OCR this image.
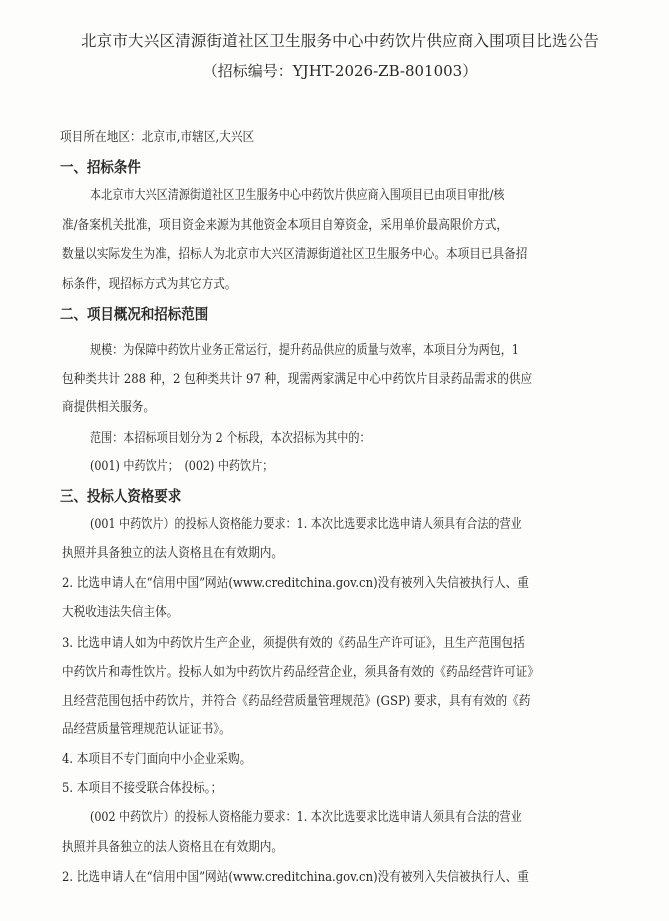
北京市大兴区清源街道社区卫生服务中心中药饮片供应商入围项目比选公告
（招标编号：YJHT-2026-ZB-801003）
项目所在地区：北京市,市辖区,大兴区
一、招标条件
本北京市大兴区清源街道社区卫生服务中心中药饮片供应商入围项目已由项目审批/核
准/备案机关批准，项目资金来源为其他资金本项目自筹资金，采用单价最高限价方式，
数量以实际发生为准，招标人为北京市大兴区清源街道社区卫生服务中心。本项目已具备招
标条件，现招标方式为其它方式。
二、项目概况和招标范围
规模：为保障中药饮片业务正常运行，提升药品供应的质量与效率，本项目分为两包，1
包种类共计 288 种，2 包种类共计 97 种，现需两家满足中心中药饮片目录药品需求的供应
商提供相关服务。
范围：本招标项目划分为 2 个标段，本次招标为其中的：
(001) 中药饮片；　(002) 中药饮片；
三、投标人资格要求
(001 中药饮片）的投标人资格能力要求：1. 本次比选要求比选申请人须具有合法的营业
执照并具备独立的法人资格且在有效期内。
2. 比选申请人在“信用中国”网站(www.creditchina.gov.cn)没有被列入失信被执行人、重
大税收违法失信主体。
3. 比选申请人如为中药饮片生产企业，须提供有效的《药品生产许可证》，且生产范围包括
中药饮片和毒性饮片。投标人如为中药饮片药品经营企业，须具备有效的《药品经营许可证》
且经营范围包括中药饮片，并符合《药品经营质量管理规范》(GSP) 要求，具有有效的《药
品经营质量管理规范认证证书》。
4. 本项目不专门面向中小企业采购。
5. 本项目不接受联合体投标。；
(002 中药饮片）的投标人资格能力要求：1. 本次比选要求比选申请人须具有合法的营业
执照并具备独立的法人资格且在有效期内。
2. 比选申请人在“信用中国”网站(www.creditchina.gov.cn)没有被列入失信被执行人、重
